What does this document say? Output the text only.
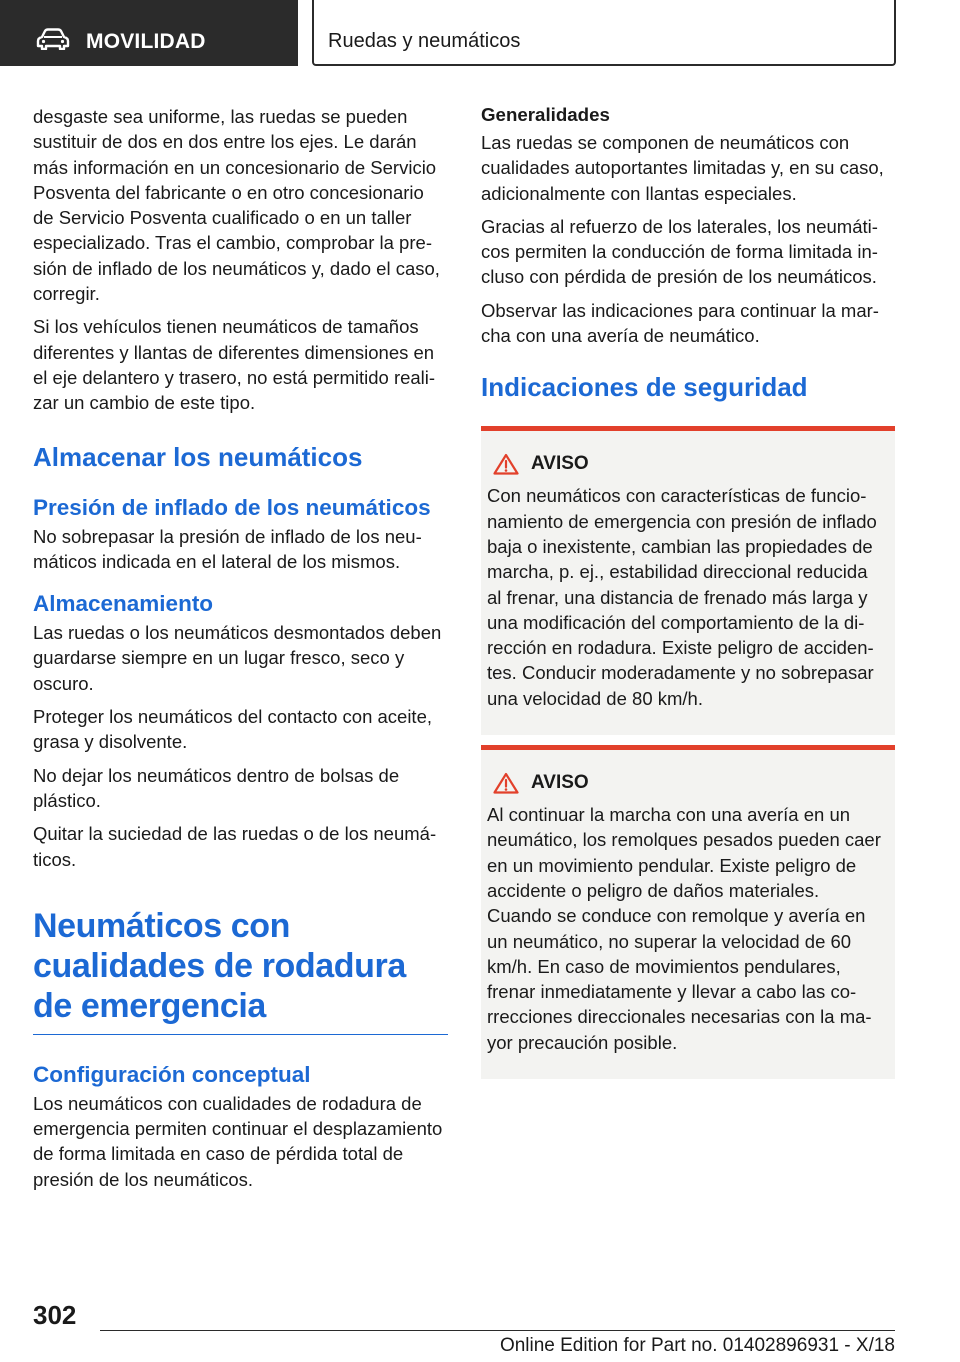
MOVILIDAD	Ruedas y neumáticos

desgaste sea uniforme, las ruedas se pueden sustituir de dos en dos entre los ejes. Le darán más información en un concesionario de Servicio Posventa del fabricante o en otro concesionario de Servicio Posventa cualificado o en un taller especializado. Tras el cambio, comprobar la presión de inflado de los neumáticos y, dado el caso, corregir.

Si los vehículos tienen neumáticos de tamaños diferentes y llantas de diferentes dimensiones en el eje delantero y trasero, no está permitido realizar un cambio de este tipo.

Almacenar los neumáticos
Presión de inflado de los neumáticos

No sobrepasar la presión de inflado de los neumáticos indicada en el lateral de los mismos.

Almacenamiento

Las ruedas o los neumáticos desmontados deben guardarse siempre en un lugar fresco, seco y oscuro.

Proteger los neumáticos del contacto con aceite, grasa y disolvente.

No dejar los neumáticos dentro de bolsas de plástico.

Quitar la suciedad de las ruedas o de los neumáticos.

Neumáticos con cualidades de rodadura de emergencia
Configuración conceptual

Los neumáticos con cualidades de rodadura de emergencia permiten continuar el desplazamiento de forma limitada en caso de pérdida total de presión de los neumáticos.

Generalidades

Las ruedas se componen de neumáticos con cualidades autoportantes limitadas y, en su caso, adicionalmente con llantas especiales.

Gracias al refuerzo de los laterales, los neumáticos permiten la conducción de forma limitada incluso con pérdida de presión de los neumáticos.

Observar las indicaciones para continuar la marcha con una avería de neumático.

Indicaciones de seguridad
AVISO

Con neumáticos con características de funcionamiento de emergencia con presión de inflado baja o inexistente, cambian las propiedades de marcha, p. ej., estabilidad direccional reducida al frenar, una distancia de frenado más larga y una modificación del comportamiento de la dirección en rodadura. Existe peligro de accidentes. Conducir moderadamente y no sobrepasar una velocidad de 80 km/h.

AVISO

Al continuar la marcha con una avería en un neumático, los remolques pesados pueden caer en un movimiento pendular. Existe peligro de accidente o peligro de daños materiales. Cuando se conduce con remolque y avería en un neumático, no superar la velocidad de 60 km/h. En caso de movimientos pendulares, frenar inmediatamente y llevar a cabo las correcciones direccionales necesarias con la mayor precaución posible.

302
Online Edition for Part no. 01402896931 - X/18
